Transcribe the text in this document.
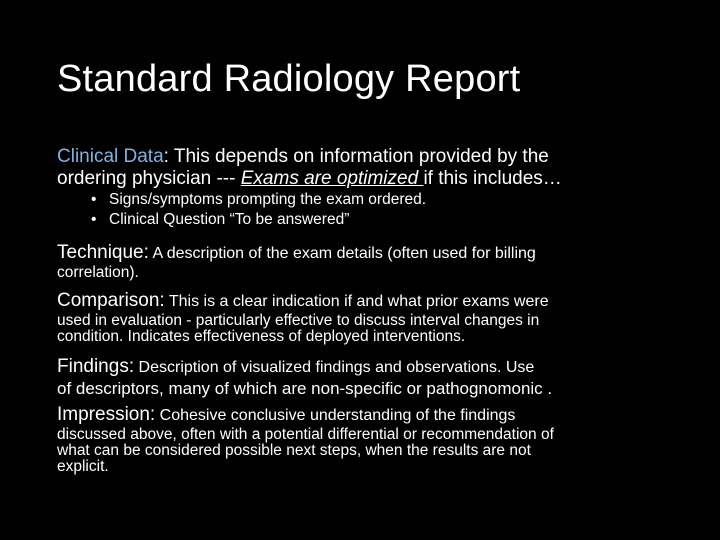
Standard Radiology Report
Clinical Data: This depends on information provided by the
ordering physician --- Exams are optimized if this includes…
• Signs/symptoms prompting the exam ordered.
• Clinical Question “To be answered”
Technique: A description of the exam details (often used for billing
correlation).
Comparison: This is a clear indication if and what prior exams were
used in evaluation - particularly effective to discuss interval changes in
condition. Indicates effectiveness of deployed interventions.
Findings: Description of visualized findings and observations. Use
of descriptors, many of which are non-specific or pathognomonic .
Impression: Cohesive conclusive understanding of the findings
discussed above, often with a potential differential or recommendation of
what can be considered possible next steps, when the results are not
explicit.
